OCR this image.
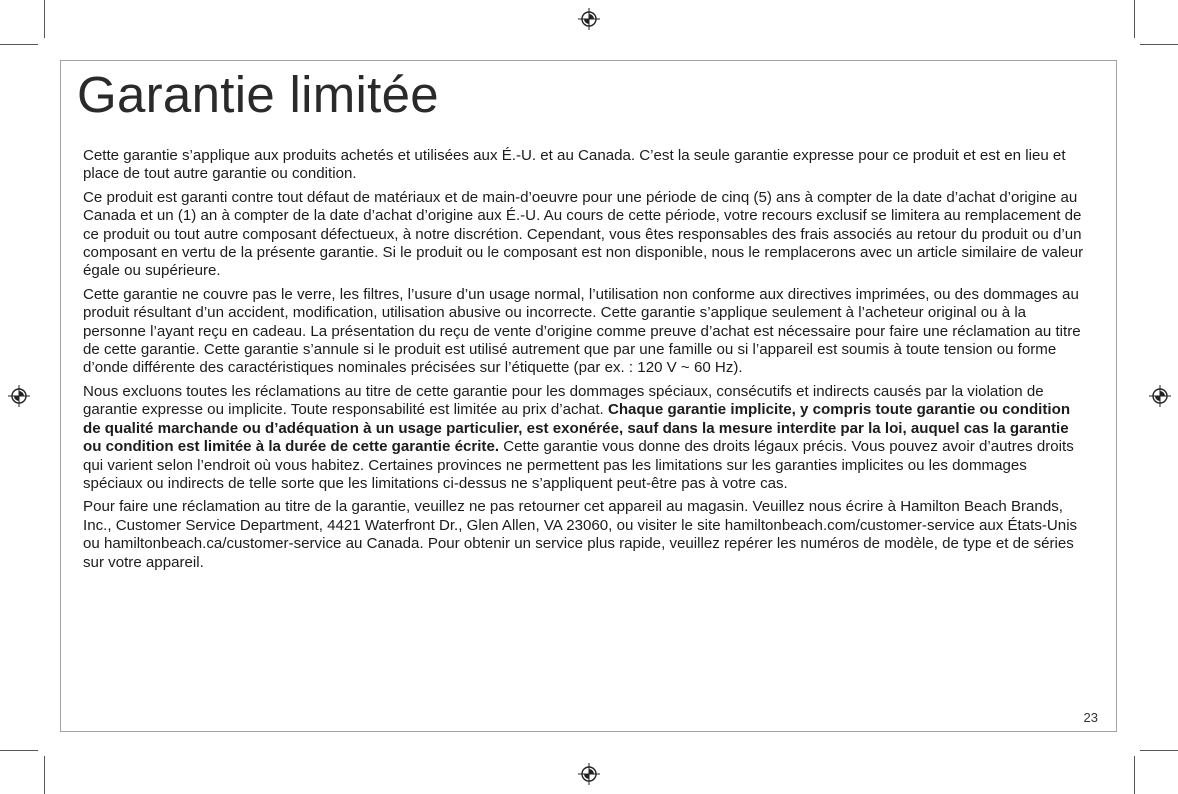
Garantie limitée

Cette garantie s’applique aux produits achetés et utilisées aux É.-U. et au Canada. C’est la seule garantie expresse pour ce produit et est en lieu et place de tout autre garantie ou condition.

Ce produit est garanti contre tout défaut de matériaux et de main-d’oeuvre pour une période de cinq (5) ans à compter de la date d’achat d’origine au Canada et un (1) an à compter de la date d’achat d’origine aux É.-U. Au cours de cette période, votre recours exclusif se limitera au remplacement de ce produit ou tout autre composant défectueux, à notre discrétion. Cependant, vous êtes responsables des frais associés au retour du produit ou d’un composant en vertu de la présente garantie. Si le produit ou le composant est non disponible, nous le remplacerons avec un article similaire de valeur égale ou supérieure.

Cette garantie ne couvre pas le verre, les filtres, l’usure d’un usage normal, l’utilisation non conforme aux directives imprimées, ou des dommages au produit résultant d’un accident, modification, utilisation abusive ou incorrecte. Cette garantie s’applique seulement à l’acheteur original ou à la personne l’ayant reçu en cadeau. La présentation du reçu de vente d’origine comme preuve d’achat est nécessaire pour faire une réclamation au titre de cette garantie. Cette garantie s’annule si le produit est utilisé autrement que par une famille ou si l’appareil est soumis à toute tension ou forme d’onde différente des caractéristiques nominales précisées sur l’étiquette (par ex. : 120 V ~ 60 Hz).

Nous excluons toutes les réclamations au titre de cette garantie pour les dommages spéciaux, consécutifs et indirects causés par la violation de garantie expresse ou implicite. Toute responsabilité est limitée au prix d’achat. Chaque garantie implicite, y compris toute garantie ou condition de qualité marchande ou d’adéquation à un usage particulier, est exonérée, sauf dans la mesure interdite par la loi, auquel cas la garantie ou condition est limitée à la durée de cette garantie écrite. Cette garantie vous donne des droits légaux précis. Vous pouvez avoir d’autres droits qui varient selon l’endroit où vous habitez. Certaines provinces ne permettent pas les limitations sur les garanties implicites ou les dommages spéciaux ou indirects de telle sorte que les limitations ci-dessus ne s’appliquent peut-être pas à votre cas.

Pour faire une réclamation au titre de la garantie, veuillez ne pas retourner cet appareil au magasin. Veuillez nous écrire à Hamilton Beach Brands, Inc., Customer Service Department, 4421 Waterfront Dr., Glen Allen, VA 23060, ou visiter le site hamiltonbeach.com/customer-service aux États-Unis ou hamiltonbeach.ca/customer-service au Canada. Pour obtenir un service plus rapide, veuillez repérer les numéros de modèle, de type et de séries sur votre appareil.

23
